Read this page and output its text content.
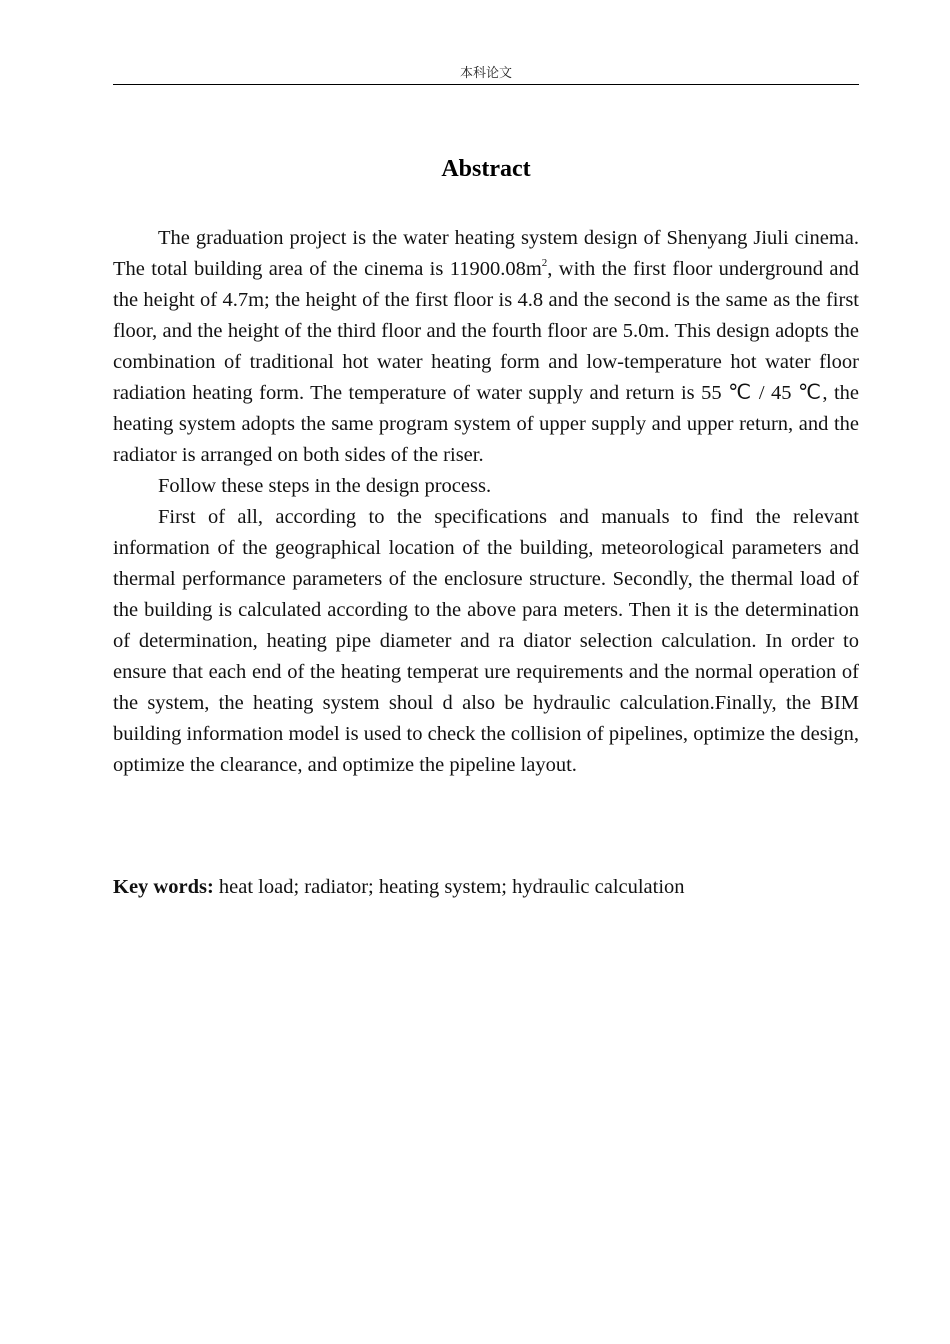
本科论文
Abstract

The graduation project is the water heating system design of Shenyang Jiuli cinema. The total building area of the cinema is $11900.08m^2$, with the first floor underground and the height of 4.7m; the height of the first floor is 4.8 and the second is the same as the first floor, and the height of the third floor and the fourth floor are 5.0m. This design adopts the combination of traditional hot water heating form and low-temperature hot water floor radiation heating form. The temperature of water supply and return is 55 ℃ / 45 ℃, the heating system adopts the same program system of upper supply and upper return, and the radiator is arranged on both sides of the riser.

Follow these steps in the design process.

First of all, according to the specifications and manuals to find the relevant information of the geographical location of the building, meteorological parameters and thermal performance parameters of the enclosure structure. Secondly, the thermal load of the building is calculated according to the above para meters. Then it is the determination of determination, heating pipe diameter and ra diator selection calculation. In order to ensure that each end of the heating temperat ure requirements and the normal operation of the system, the heating system shoul d also be hydraulic calculation.Finally, the BIM building information model is used to check the collision of pipelines, optimize the design, optimize the clearance, and optimize the pipeline layout.

Key words: heat load; radiator; heating system; hydraulic calculation
